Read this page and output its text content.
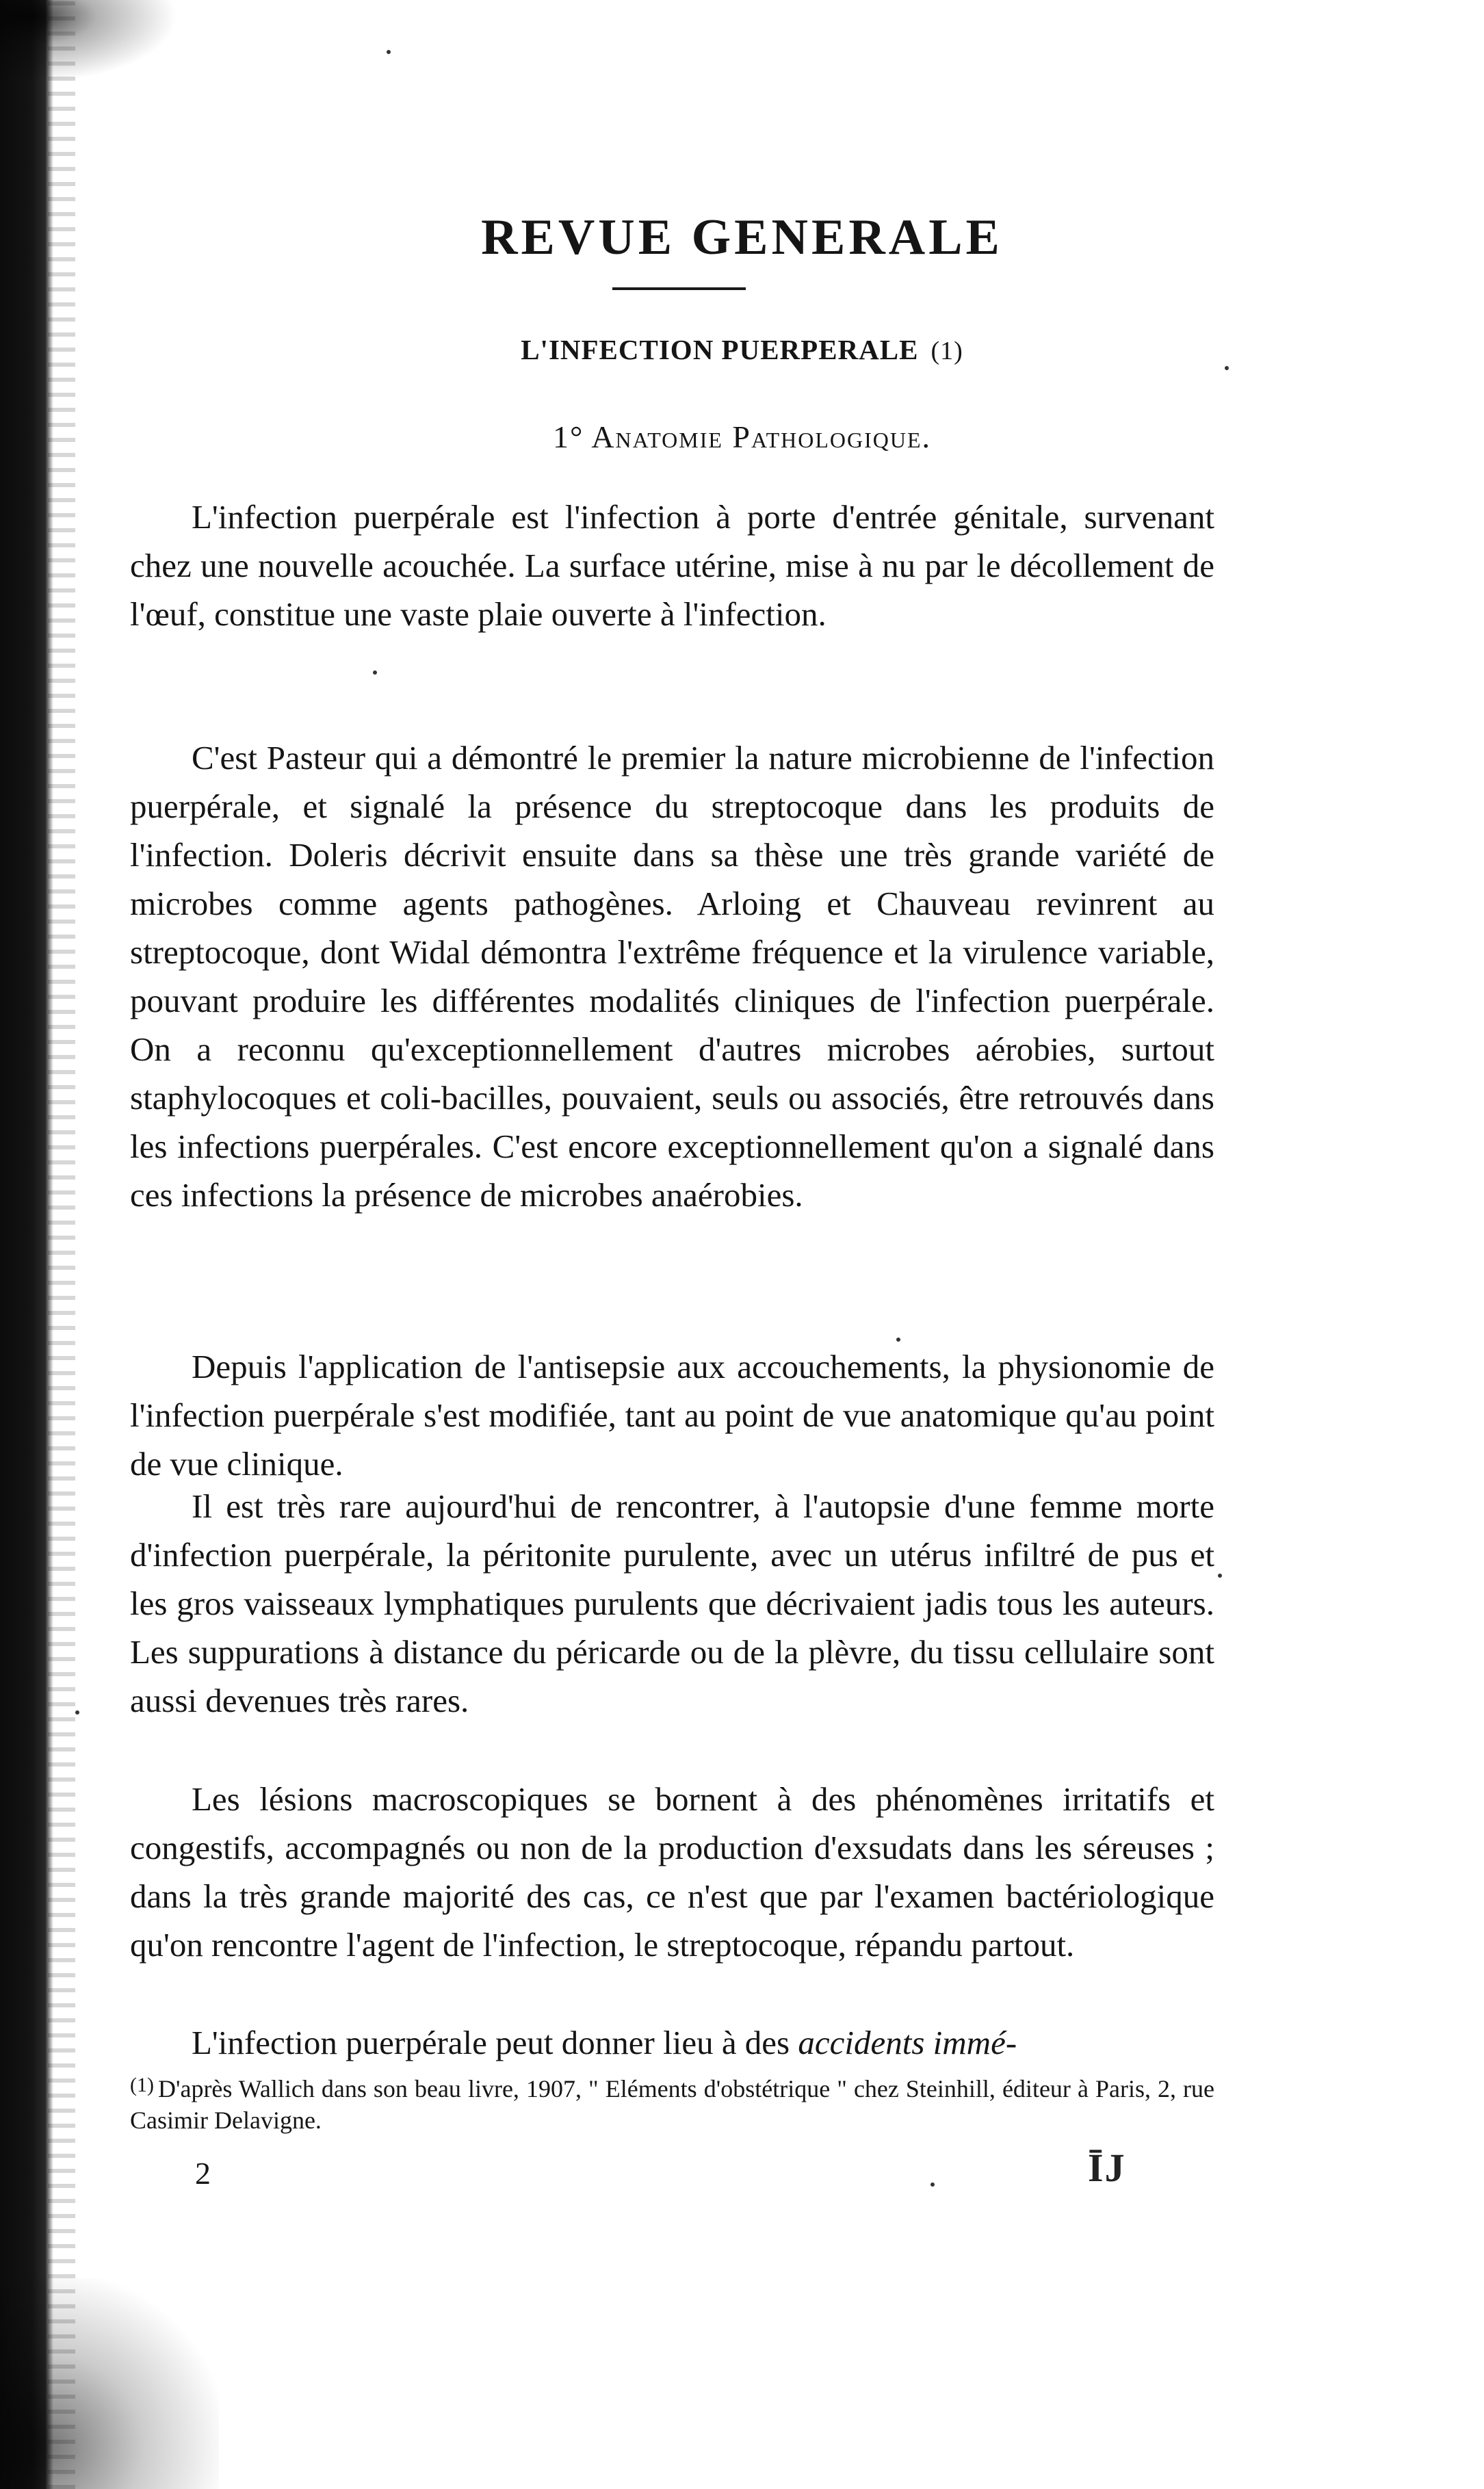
REVUE GENERALE
L'INFECTION PUERPERALE (1)
1° Anatomie Pathologique.

L'infection puerpérale est l'infection à porte d'entrée génitale, survenant chez une nouvelle acouchée. La surface utérine, mise à nu par le décollement de l'œuf, constitue une vaste plaie ouverte à l'infection.

C'est Pasteur qui a démontré le premier la nature microbienne de l'infection puerpérale, et signalé la présence du streptocoque dans les produits de l'infection. Doleris décrivit ensuite dans sa thèse une très grande variété de microbes comme agents pathogènes. Arloing et Chauveau revinrent au streptocoque, dont Widal démontra l'extrême fréquence et la virulence variable, pouvant produire les différentes modalités cliniques de l'infection puerpérale. On a reconnu qu'exceptionnellement d'autres microbes aérobies, surtout staphylocoques et coli-bacilles, pouvaient, seuls ou associés, être retrouvés dans les infections puerpérales. C'est encore exceptionnellement qu'on a signalé dans ces infections la présence de microbes anaérobies.

Depuis l'application de l'antisepsie aux accouchements, la physionomie de l'infection puerpérale s'est modifiée, tant au point de vue anatomique qu'au point de vue clinique.

Il est très rare aujourd'hui de rencontrer, à l'autopsie d'une femme morte d'infection puerpérale, la péritonite purulente, avec un utérus infiltré de pus et les gros vaisseaux lymphatiques purulents que décrivaient jadis tous les auteurs. Les suppurations à distance du péricarde ou de la plèvre, du tissu cellulaire sont aussi devenues très rares.

Les lésions macroscopiques se bornent à des phénomènes irritatifs et congestifs, accompagnés ou non de la production d'exsudats dans les séreuses ; dans la très grande majorité des cas, ce n'est que par l'examen bactériologique qu'on rencontre l'agent de l'infection, le streptocoque, répandu partout.

L'infection puerpérale peut donner lieu à des accidents immé-

$^{(1)}$ D'après Wallich dans son beau livre, 1907, " Eléments d'obstétrique " chez Steinhill, éditeur à Paris, 2, rue Casimir Delavigne.
2	ĪJ
